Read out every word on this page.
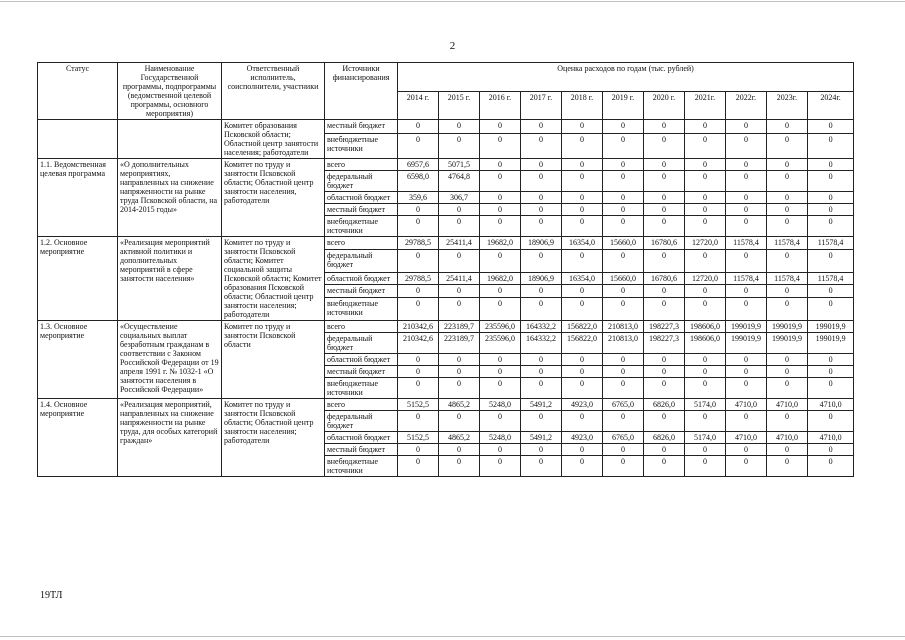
2
Статус	Наименование Государственной программы, подпрограммы (ведомственной целевой программы, основного мероприятия)	Ответственный исполнитель, соисполнители, участники	Источники финансирования	Оценка расходов по годам (тыс. рублей)										
				2014 г.	2015 г.	2016 г.	2017 г.	2018 г.	2019 г.	2020 г.	2021г.	2022г.	2023г.	2024г.
		Комитет образования Псковской области; Областной центр занятости населения; работодатели	местный бюджет	0	0	0	0	0	0	0	0	0	0	0
			внебюджетные источники	0	0	0	0	0	0	0	0	0	0	0
1.1. Ведомственная целевая программа	«О дополнительных мероприятиях, направленных на снижение напряженности на рынке труда Псковской области, на 2014-2015 годы»	Комитет по труду и занятости Псковской области; Областной центр занятости населения, работодатели	всего	6957,6	5071,5	0	0	0	0	0	0	0	0	0
			федеральный бюджет	6598,0	4764,8	0	0	0	0	0	0	0	0	0
			областной бюджет	359,6	306,7	0	0	0	0	0	0	0	0	0
			местный бюджет	0	0	0	0	0	0	0	0	0	0	0
			внебюджетные источники	0	0	0	0	0	0	0	0	0	0	0
1.2. Основное мероприятие	«Реализация мероприятий активной политики и дополнительных мероприятий в сфере занятости населения»	Комитет по труду и занятости Псковской области; Комитет социальной защиты Псковской области; Комитет образования Псковской области; Областной центр занятости населения; работодатели	всего	29788,5	25411,4	19682,0	18906,9	16354,0	15660,0	16780,6	12720,0	11578,4	11578,4	11578,4
			федеральный бюджет	0	0	0	0	0	0	0	0	0	0	0
			областной бюджет	29788,5	25411,4	19682,0	18906,9	16354,0	15660,0	16780,6	12720,0	11578,4	11578,4	11578,4
			местный бюджет	0	0	0	0	0	0	0	0	0	0	0
			внебюджетные источники	0	0	0	0	0	0	0	0	0	0	0
1.3. Основное мероприятие	«Осуществление социальных выплат безработным гражданам в соответствии с Законом Российской Федерации от 19 апреля 1991 г. № 1032-1 «О занятости населения в Российской Федерации»	Комитет по труду и занятости Псковской области	всего	210342,6	223189,7	235596,0	164332,2	156822,0	210813,0	198227,3	198606,0	199019,9	199019,9	199019,9
			федеральный бюджет	210342,6	223189,7	235596,0	164332,2	156822,0	210813,0	198227,3	198606,0	199019,9	199019,9	199019,9
			областной бюджет	0	0	0	0	0	0	0	0	0	0	0
			местный бюджет	0	0	0	0	0	0	0	0	0	0	0
			внебюджетные источники	0	0	0	0	0	0	0	0	0	0	0
1.4. Основное мероприятие	«Реализация мероприятий, направленных на снижение напряженности на рынке труда, для особых категорий граждан»	Комитет по труду и занятости Псковской области; Областной центр занятости населения; работодатели	всего	5152,5	4865,2	5248,0	5491,2	4923,0	6765,0	6826,0	5174,0	4710,0	4710,0	4710,0
			федеральный бюджет	0	0	0	0	0	0	0	0	0	0	0
			областной бюджет	5152,5	4865,2	5248,0	5491,2	4923,0	6765,0	6826,0	5174,0	4710,0	4710,0	4710,0
			местный бюджет	0	0	0	0	0	0	0	0	0	0	0
			внебюджетные источники	0	0	0	0	0	0	0	0	0	0	0
19ТЛ
